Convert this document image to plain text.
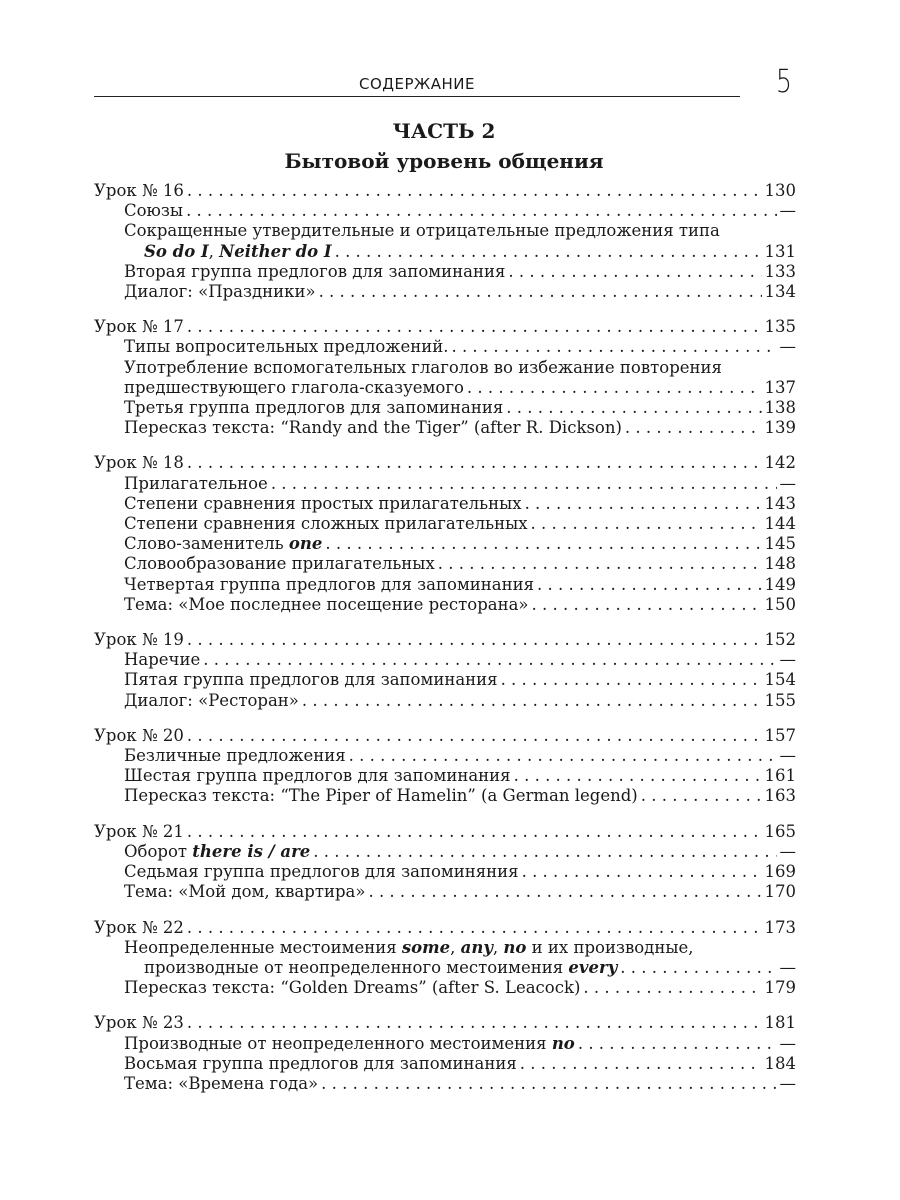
СОДЕРЖАНИЕ	5
ЧАСТЬ 2
Бытовой уровень общения
Урок № 16 . . .	130
Союзы . . .	—
Сокращенные утвердительные и отрицательные предложения типа
So do I, Neither do I . . .	131
Вторая группа предлогов для запоминания . . .	133
Диалог: «Праздники» . . .	134
Урок № 17 . . .	135
Типы вопросительных предложений. . . .	—
Употребление вспомогательных глаголов во избежание повторения
предшествующего глагола-сказуемого . . .	137
Третья группа предлогов для запоминания . . .	138
Пересказ текста: “Randy and the Tiger” (after R. Dickson) . . .	139
Урок № 18 . . .	142
Прилагательное . . .	—
Степени сравнения простых прилагательных . . .	143
Степени сравнения сложных прилагательных . . .	144
Слово-заменитель one . . .	145
Словообразование прилагательных . . .	148
Четвертая группа предлогов для запоминания . . .	149
Тема: «Мое последнее посещение ресторана» . . .	150
Урок № 19 . . .	152
Наречие . . .	—
Пятая группа предлогов для запоминания . . .	154
Диалог: «Ресторан» . . .	155
Урок № 20 . . .	157
Безличные предложения . . .	—
Шестая группа предлогов для запоминания . . .	161
Пересказ текста: “The Piper of Hamelin” (a German legend) . . .	163
Урок № 21 . . .	165
Оборот there is / are . . .	—
Седьмая группа предлогов для запоминяния . . .	169
Тема: «Мой дом, квартира» . . .	170
Урок № 22 . . .	173
Неопределенные местоимения some, any, no и их производные,
производные от неопределенного местоимения every . . .	—
Пересказ текста: “Golden Dreams” (after S. Leacock) . . .	179
Урок № 23 . . .	181
Производные от неопределенного местоимения no . . .	—
Восьмая группа предлогов для запоминания . . .	184
Тема: «Времена года» . . .	—
